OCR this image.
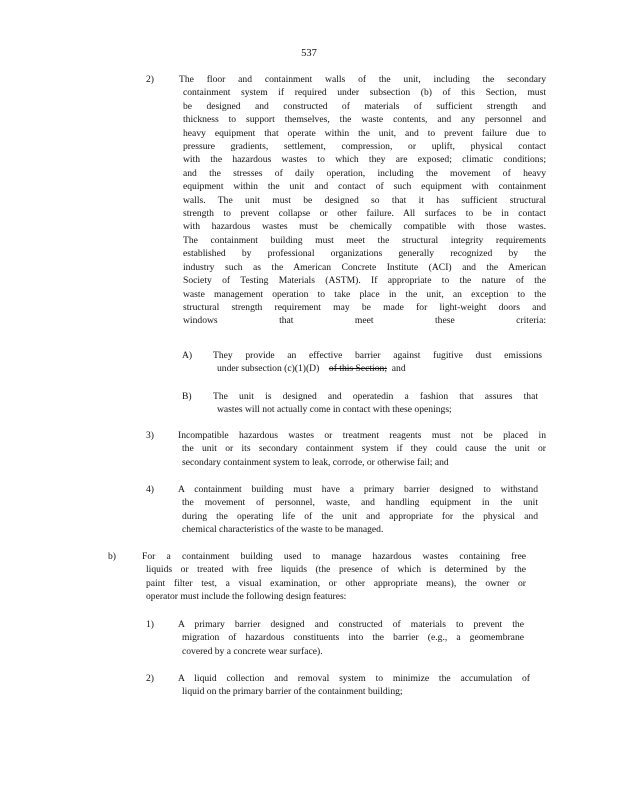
537
2)	The floor and containment walls of the unit, including the secondary
containment system if required under subsection (b) of this Section, must
be designed and constructed of materials of sufficient strength and
thickness to support themselves, the waste contents, and any personnel and
heavy equipment that operate within the unit, and to prevent failure due to
pressure gradients, settlement, compression, or uplift, physical contact
with the hazardous wastes to which they are exposed; climatic conditions;
and the stresses of daily operation, including the movement of heavy
equipment within the unit and contact of such equipment with containment
walls. The unit must be designed so that it has sufficient structural
strength to prevent collapse or other failure. All surfaces to be in contact
with hazardous wastes must be chemically compatible with those wastes.
The containment building must meet the structural integrity requirements
established by professional organizations generally recognized by the
industry such as the American Concrete Institute (ACI) and the American
Society of Testing Materials (ASTM). If appropriate to the nature of the
waste management operation to take place in the unit, an exception to the
structural strength requirement may be made for light-weight doors and
windows that meet these criteria:
A) They provide an effective barrier against fugitive dust emissions
under subsection (c)(1)(D) of this Section; and
B) The unit is designed and operatedin a fashion that assures that
wastes will not actually come in contact with these openings;
3)	Incompatible hazardous wastes or treatment reagents must not be placed in
the unit or its secondary containment system if they could cause the unit or
secondary containment system to leak, corrode, or otherwise fail; and
4)	A containment building must have a primary barrier designed to withstand
the movement of personnel, waste, and handling equipment in the unit
during the operating life of the unit and appropriate for the physical and
chemical characteristics of the waste to be managed.
b)	For a containment building used to manage hazardous wastes containing free
liquids or treated with free liquids (the presence of which is determined by the
paint filter test, a visual examination, or other appropriate means), the owner or
operator must include the following design features:
1)	A primary barrier designed and constructed of materials to prevent the
migration of hazardous constituents into the barrier (e.g., a geomembrane
covered by a concrete wear surface).
2)	A liquid collection and removal system to minimize the accumulation of
liquid on the primary barrier of the containment building;
